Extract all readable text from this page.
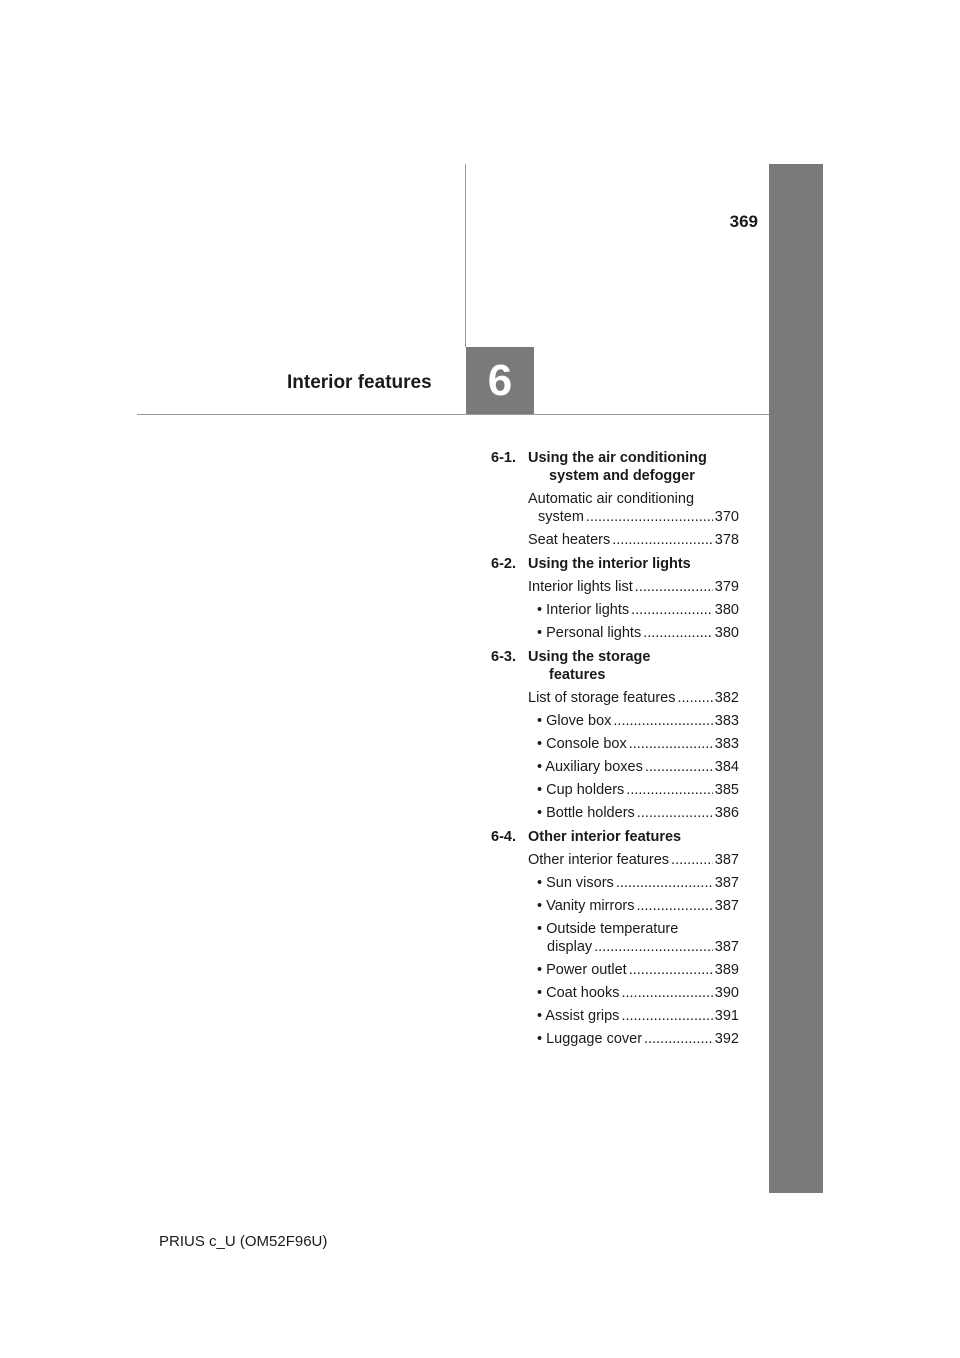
369
Interior features	6
6-1. Using the air conditioning
system and defogger
Automatic air conditioning
system .....	370
Seat heaters .....	378
6-2. Using the interior lights
Interior lights list .....	379
• Interior lights .....	380
• Personal lights .....	380
6-3. Using the storage
features
List of storage features .....	382
• Glove box .....	383
• Console box .....	383
• Auxiliary boxes .....	384
• Cup holders .....	385
• Bottle holders .....	386
6-4. Other interior features
Other interior features .....	387
• Sun visors .....	387
• Vanity mirrors .....	387
• Outside temperature
display .....	387
• Power outlet .....	389
• Coat hooks .....	390
• Assist grips .....	391
• Luggage cover .....	392
PRIUS c_U (OM52F96U)
